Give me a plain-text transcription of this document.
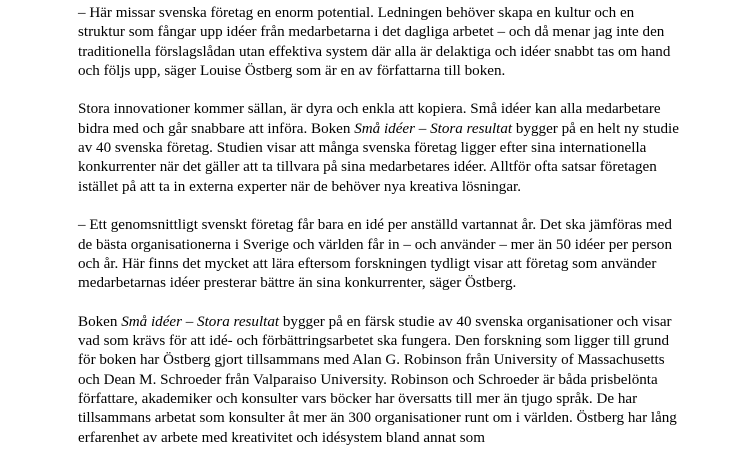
– Här missar svenska företag en enorm potential. Ledningen behöver skapa en kultur och en struktur som fångar upp idéer från medarbetarna i det dagliga arbetet – och då menar jag inte den traditionella förslagslådan utan effektiva system där alla är delaktiga och idéer snabbt tas om hand och följs upp, säger Louise Östberg som är en av författarna till boken.

Stora innovationer kommer sällan, är dyra och enkla att kopiera. Små idéer kan alla medarbetare bidra med och går snabbare att införa. Boken Små idéer – Stora resultat bygger på en helt ny studie av 40 svenska företag. Studien visar att många svenska företag ligger efter sina internationella konkurrenter när det gäller att ta tillvara på sina medarbetares idéer. Alltför ofta satsar företagen istället på att ta in externa experter när de behöver nya kreativa lösningar.

– Ett genomsnittligt svenskt företag får bara en idé per anställd vartannat år. Det ska jämföras med de bästa organisationerna i Sverige och världen får in – och använder – mer än 50 idéer per person och år. Här finns det mycket att lära eftersom forskningen tydligt visar att företag som använder medarbetarnas idéer presterar bättre än sina konkurrenter, säger Östberg.

Boken Små idéer – Stora resultat bygger på en färsk studie av 40 svenska organisationer och visar vad som krävs för att idé- och förbättringsarbetet ska fungera. Den forskning som ligger till grund för boken har Östberg gjort tillsammans med Alan G. Robinson från University of Massachusetts och Dean M. Schroeder från Valparaiso University. Robinson och Schroeder är båda prisbelönta författare, akademiker och konsulter vars böcker har översatts till mer än tjugo språk. De har tillsammans arbetat som konsulter åt mer än 300 organisationer runt om i världen. Östberg har lång erfarenhet av arbete med kreativitet och idésystem bland annat som
